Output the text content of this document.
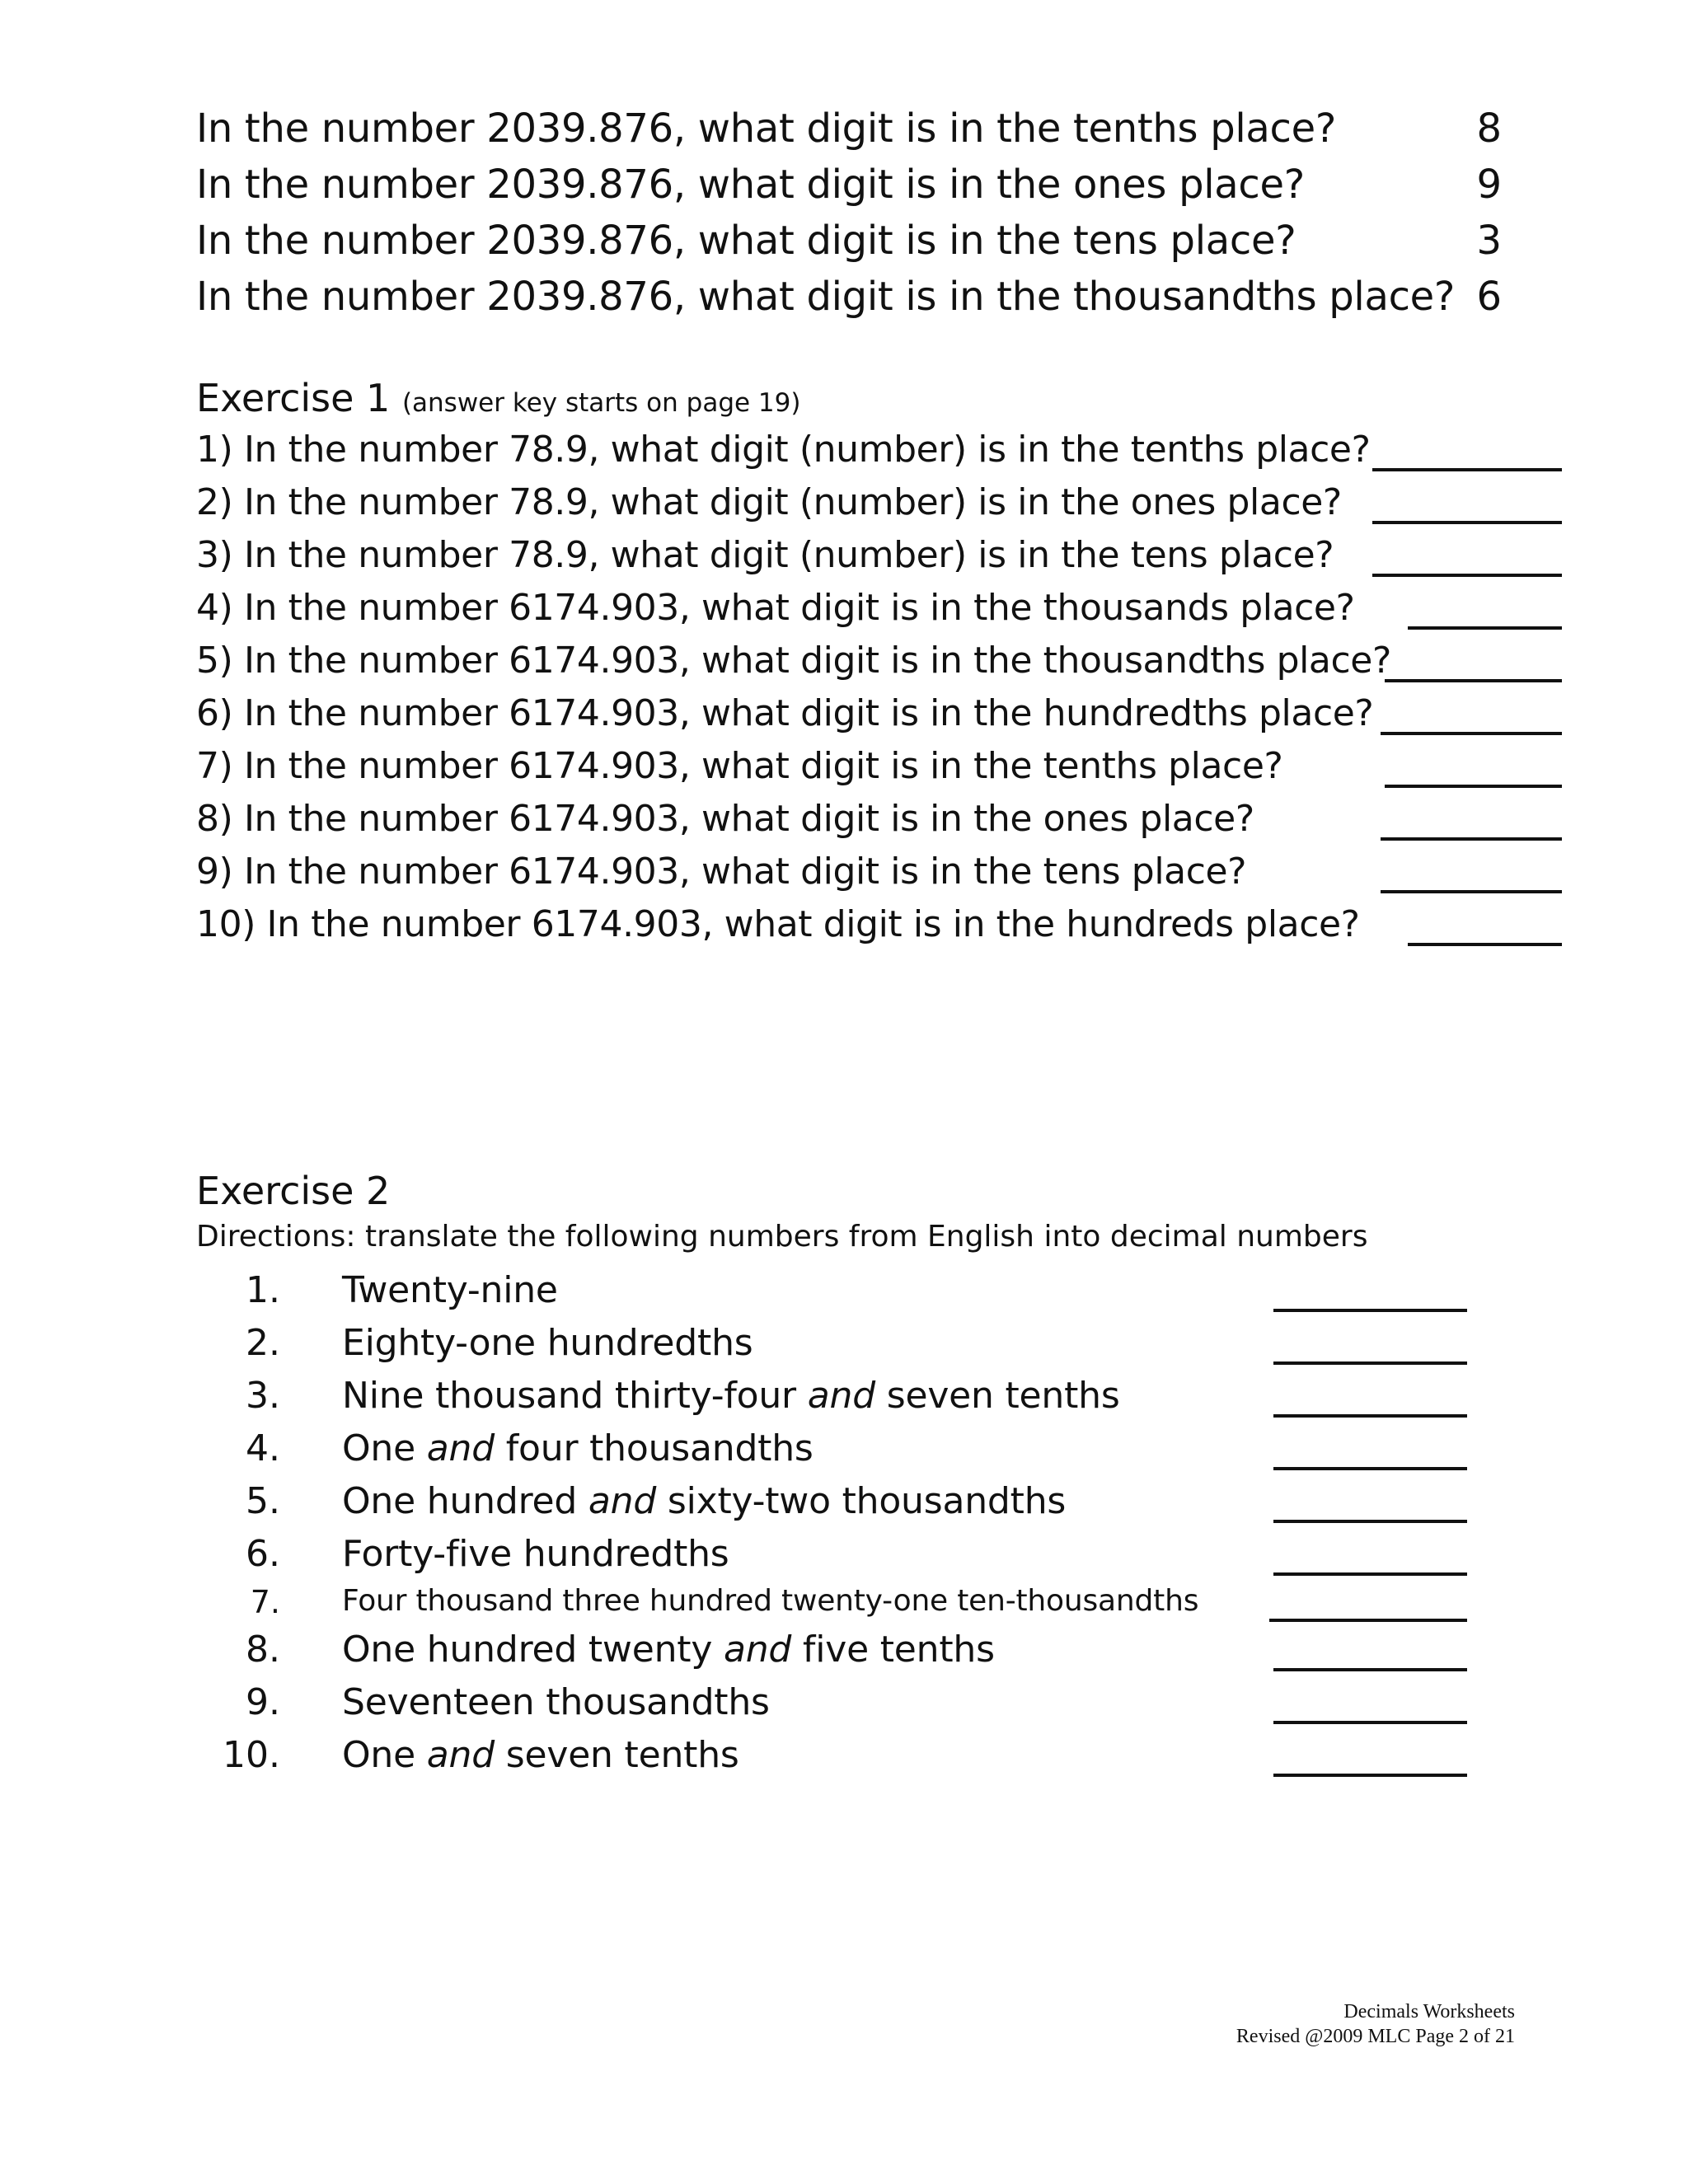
In the number 2039.876, what digit is in the tenths place?	8
In the number 2039.876, what digit is in the ones place?	9
In the number 2039.876, what digit is in the tens place?	3
In the number 2039.876, what digit is in the thousandths place? 6
Exercise 1 (answer key starts on page 19)
1) In the number 78.9, what digit (number) is in the tenths place?
2) In the number 78.9, what digit (number) is in the ones place?
3) In the number 78.9, what digit (number) is in the tens place?
4) In the number 6174.903, what digit is in the thousands place?
5) In the number 6174.903, what digit is in the thousandths place?
6) In the number 6174.903, what digit is in the hundredths place?
7) In the number 6174.903, what digit is in the tenths place?
8) In the number 6174.903, what digit is in the ones place?
9) In the number 6174.903, what digit is in the tens place?
10) In the number 6174.903, what digit is in the hundreds place?
Exercise 2
Directions: translate the following numbers from English into decimal numbers
1. Twenty-nine
2. Eighty-one hundredths
3. Nine thousand thirty-four and seven tenths
4. One and four thousandths
5. One hundred and sixty-two thousandths
6. Forty-five hundredths
7. Four thousand three hundred twenty-one ten-thousandths
8. One hundred twenty and five tenths
9. Seventeen thousandths
10. One and seven tenths
Decimals Worksheets
Revised @2009 MLC Page 2 of 21
